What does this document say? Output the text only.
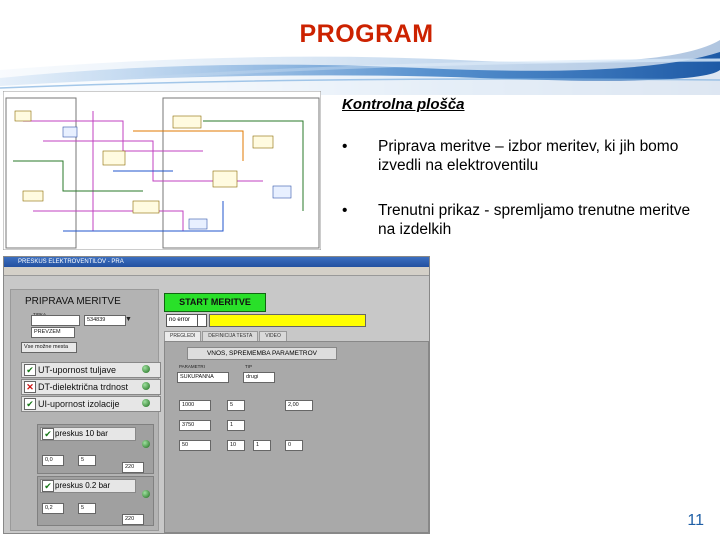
PROGRAM
Kontrolna plošča
• Priprava meritve – izbor meritev, ki jih bomo izvedli na elektroventilu
• Trenutni prikaz - spremljamo trenutne meritve na izdelkih
PRESKUS ELEKTROVENTILOV - PRA
PRIPRAVA MERITVE
534839	▼
PREVZEM
Vse možne mesta
✔ UT-upornost tuljave
✕ DT-dielektrična trdnost
✔ UI-upornost izolacije
✔ preskus 10 bar
0,0	5
220
✔ preskus 0.2 bar
0,2	5
220
START MERITVE
no error
PREGLEDI	DEFINICIJA TESTA	VIDEO
VNOS, SPREMEMBA PARAMETROV
PARAMETRI
SUKUPANNA
TIP
drugi
1000	5	2,00
3750	1
50	10	1	0
11
